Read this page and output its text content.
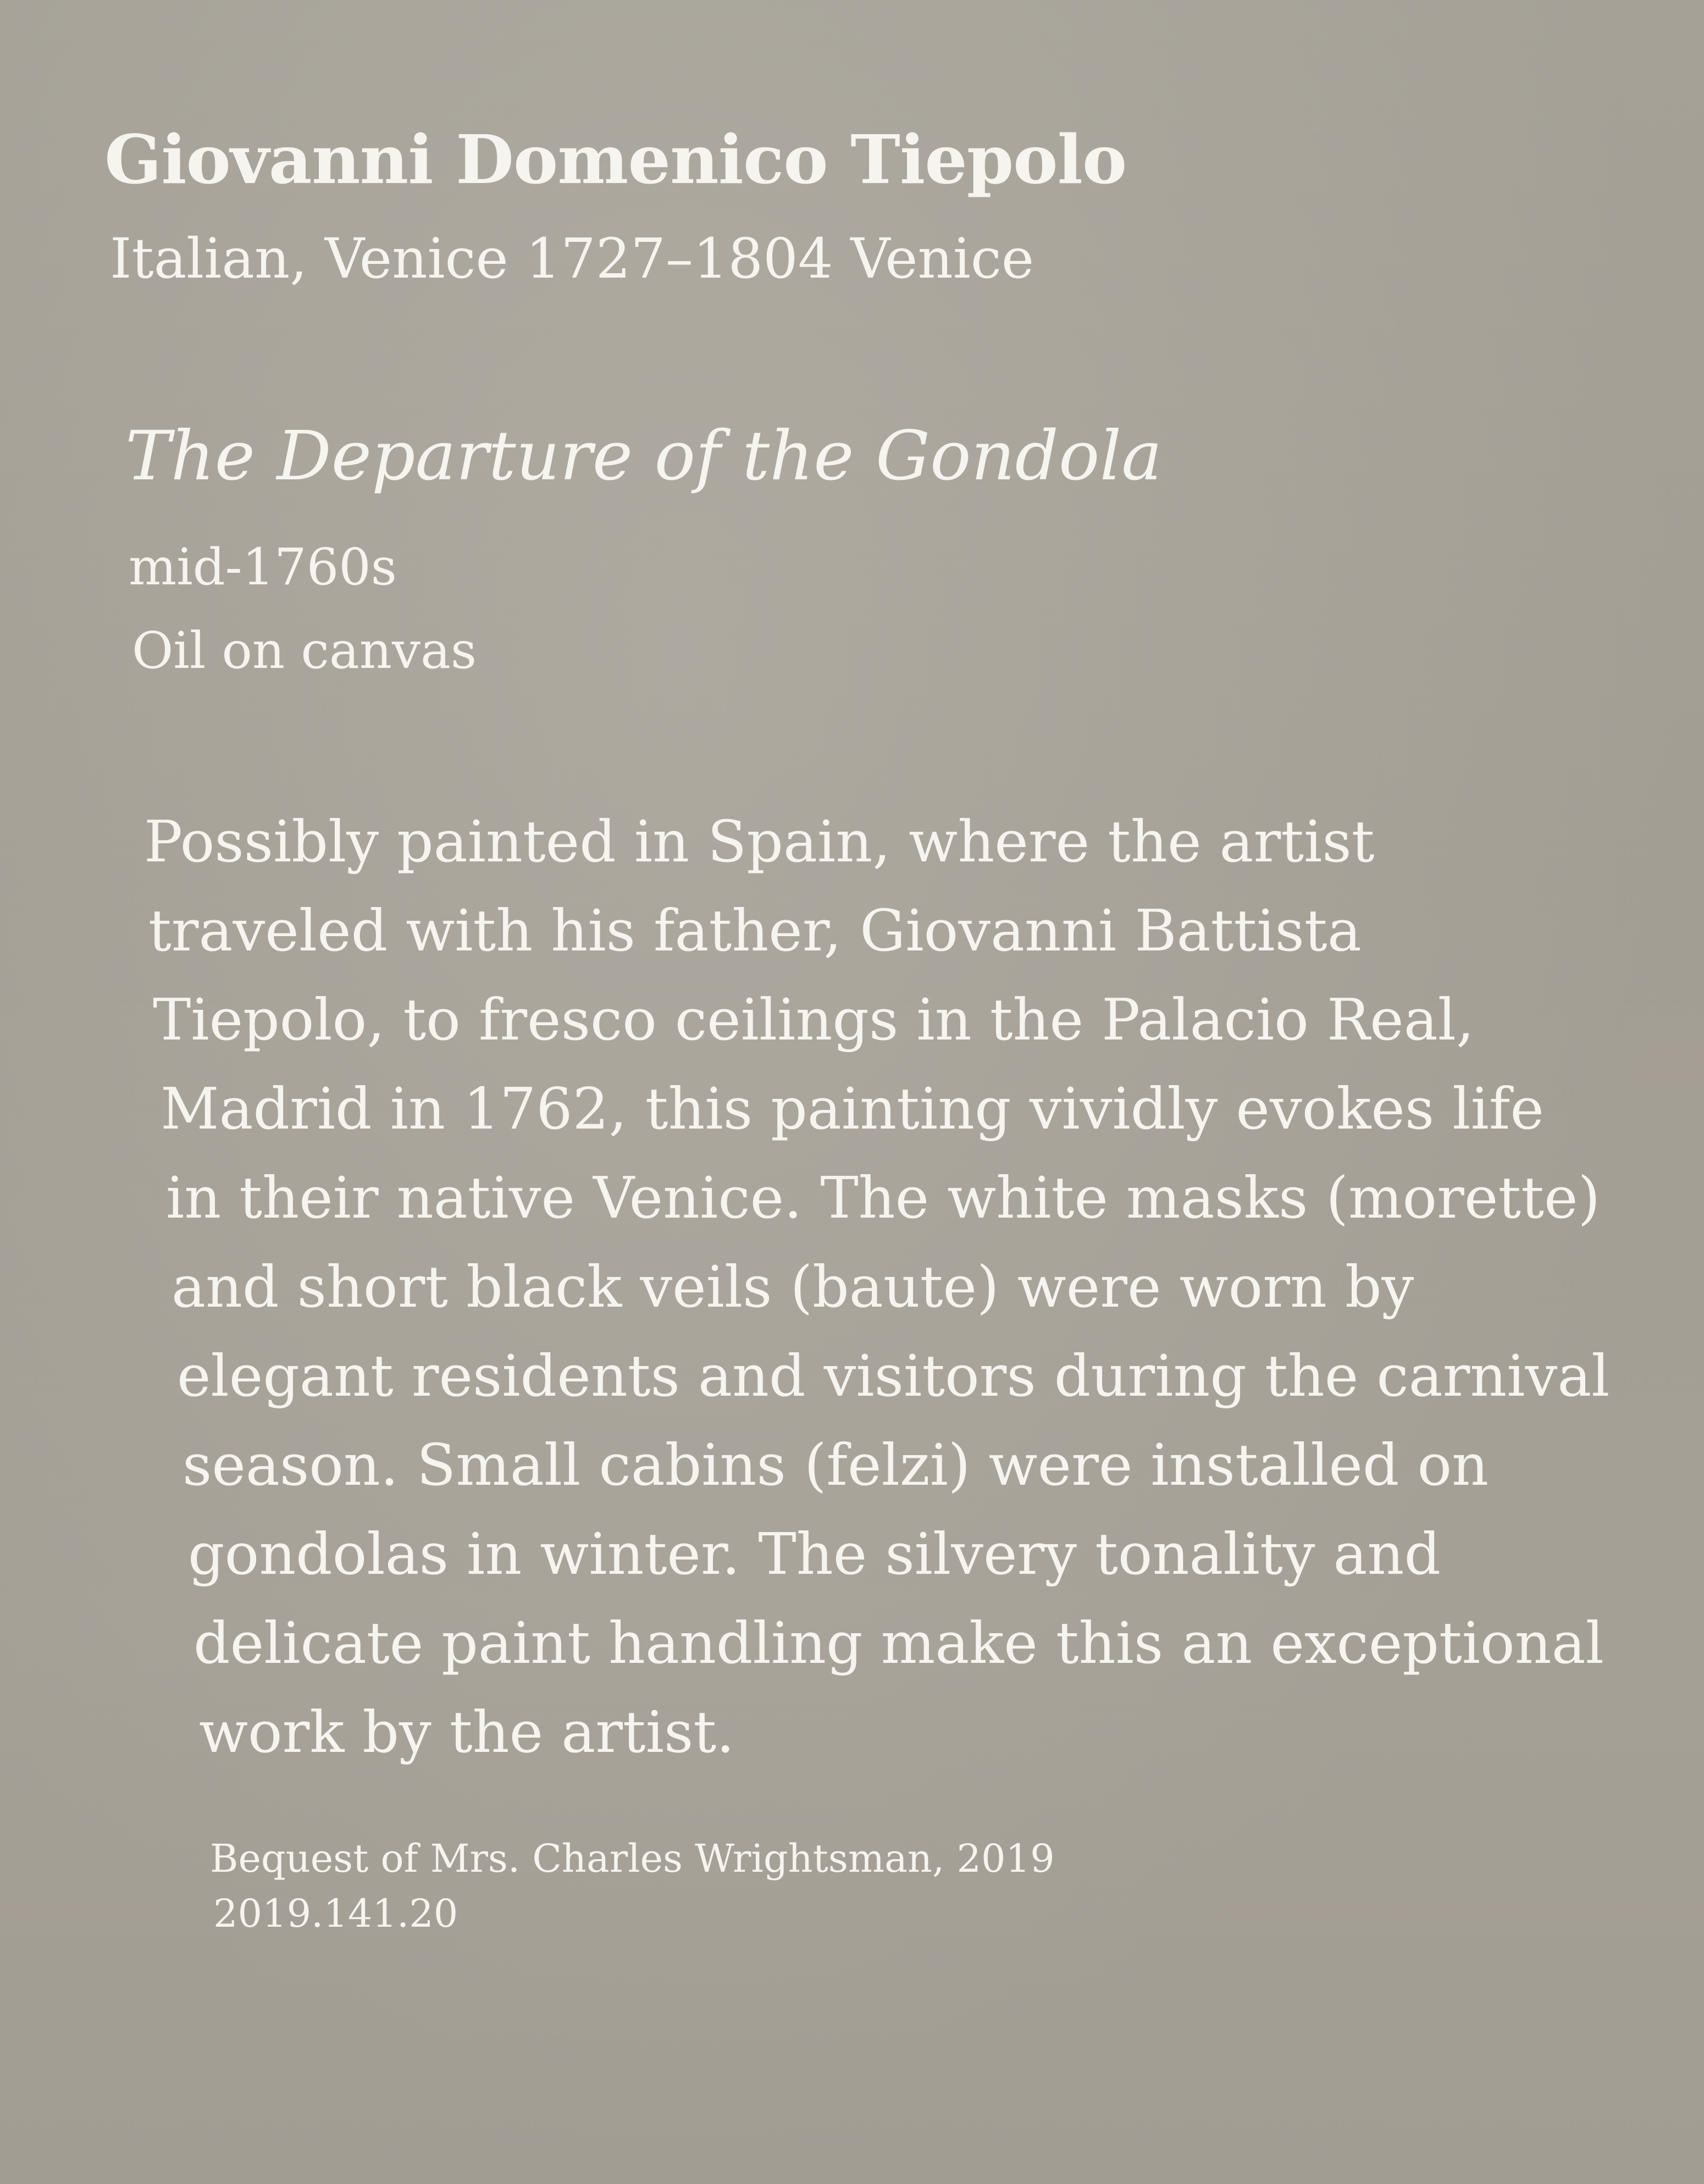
Giovanni Domenico Tiepolo

Italian, Venice 1727–1804 Venice

The Departure of the Gondola

mid-1760s

Oil on canvas

Possibly painted in Spain, where the artist

traveled with his father, Giovanni Battista

Tiepolo, to fresco ceilings in the Palacio Real,

Madrid in 1762, this painting vividly evokes life

in their native Venice. The white masks (morette)

and short black veils (baute) were worn by

elegant residents and visitors during the carnival

season. Small cabins (felzi) were installed on

gondolas in winter. The silvery tonality and

delicate paint handling make this an exceptional

work by the artist.

Bequest of Mrs. Charles Wrightsman, 2019

2019.141.20
